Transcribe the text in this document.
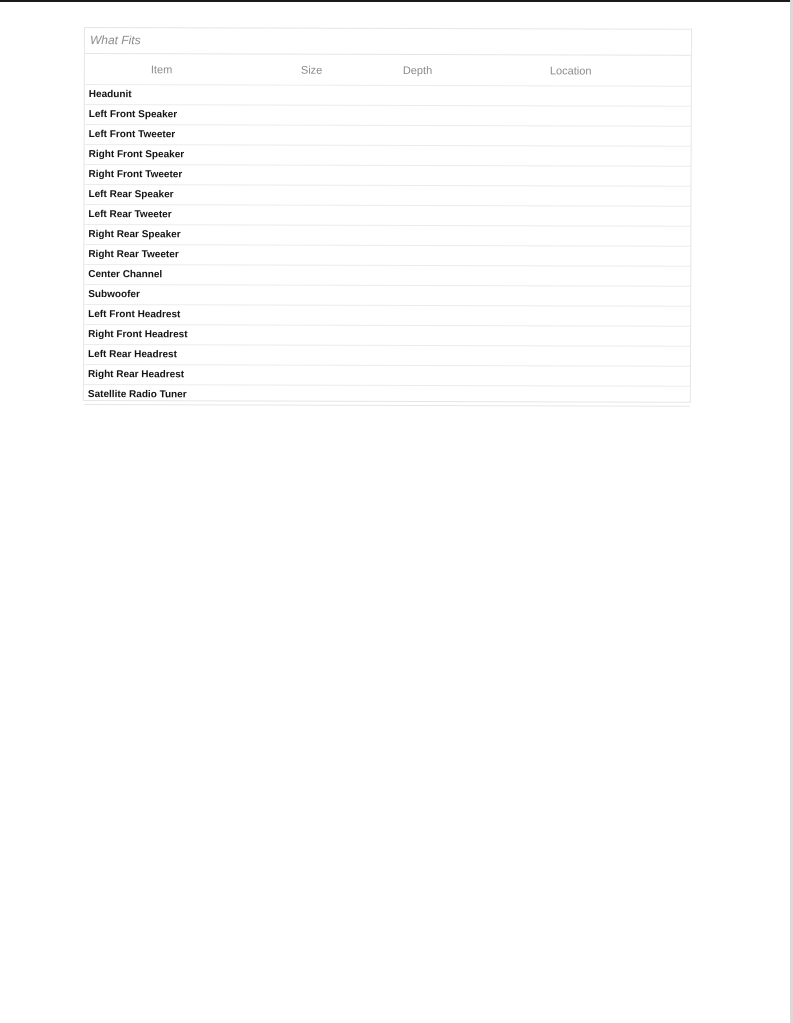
What Fits
Item	Size	Depth	Location
Headunit
Left Front Speaker
Left Front Tweeter
Right Front Speaker
Right Front Tweeter
Left Rear Speaker
Left Rear Tweeter
Right Rear Speaker
Right Rear Tweeter
Center Channel
Subwoofer
Left Front Headrest
Right Front Headrest
Left Rear Headrest
Right Rear Headrest
Satellite Radio Tuner
